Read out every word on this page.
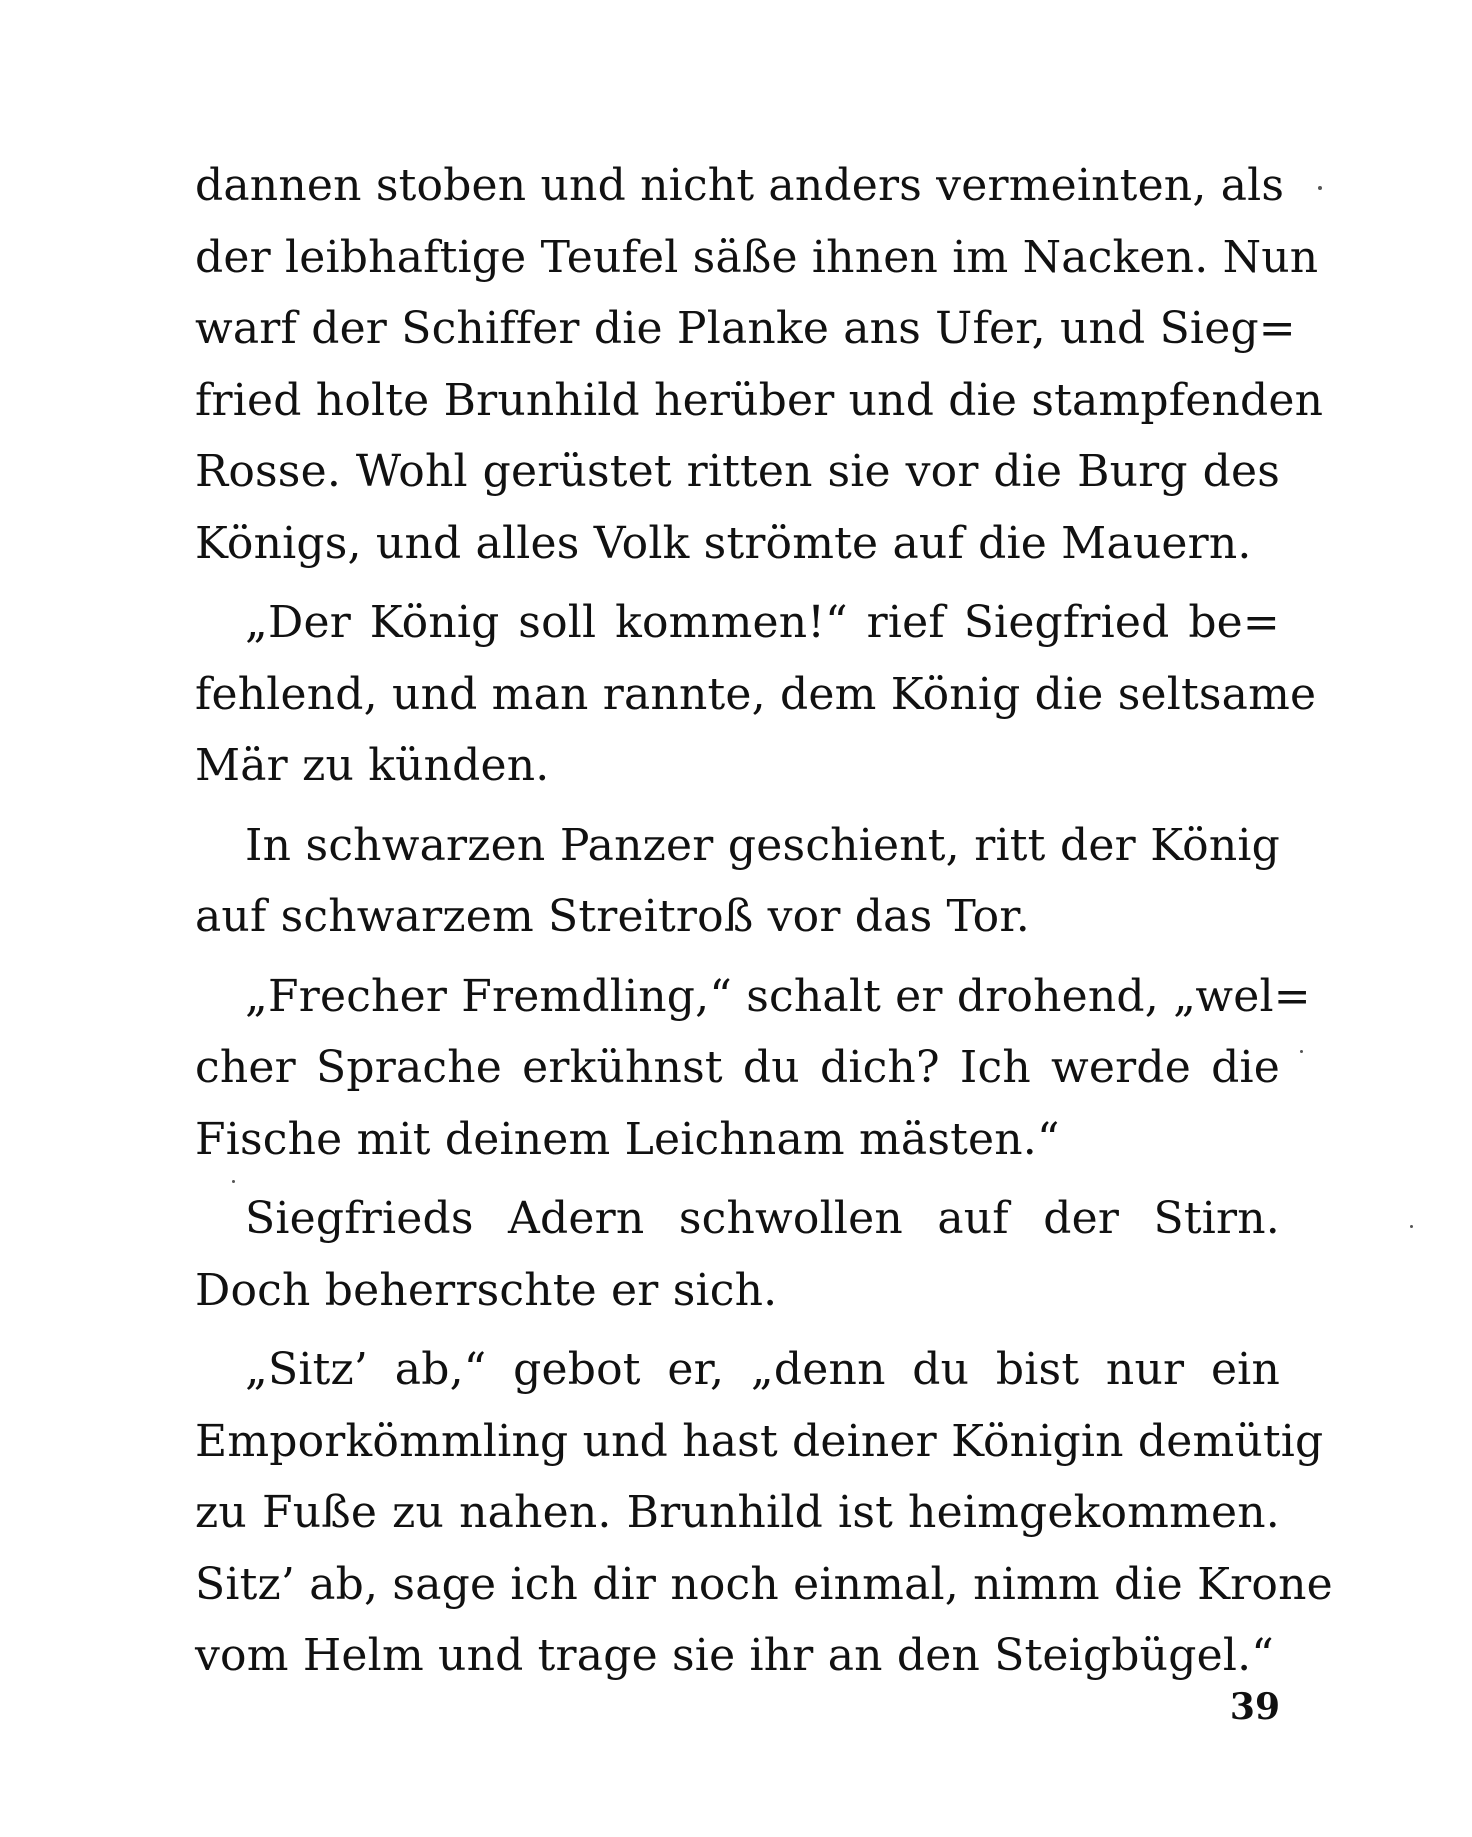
dannen stoben und nicht anders vermeinten, als
der leibhaftige Teufel säße ihnen im Nacken. Nun
warf der Schiffer die Planke ans Ufer, und Sieg=
fried holte Brunhild herüber und die stampfenden
Rosse. Wohl gerüstet ritten sie vor die Burg des
Königs, und alles Volk strömte auf die Mauern.

„Der König soll kommen!“ rief Siegfried be=
fehlend, und man rannte, dem König die seltsame
Mär zu künden.

In schwarzen Panzer geschient, ritt der König
auf schwarzem Streitroß vor das Tor.

„Frecher Fremdling,“ schalt er drohend, „wel=
cher Sprache erkühnst du dich? Ich werde die
Fische mit deinem Leichnam mästen.“

Siegfrieds Adern schwollen auf der Stirn.
Doch beherrschte er sich.

„Sitz’ ab,“ gebot er, „denn du bist nur ein
Emporkömmling und hast deiner Königin demütig
zu Fuße zu nahen. Brunhild ist heimgekommen.
Sitz’ ab, sage ich dir noch einmal, nimm die Krone
vom Helm und trage sie ihr an den Steigbügel.“

39
